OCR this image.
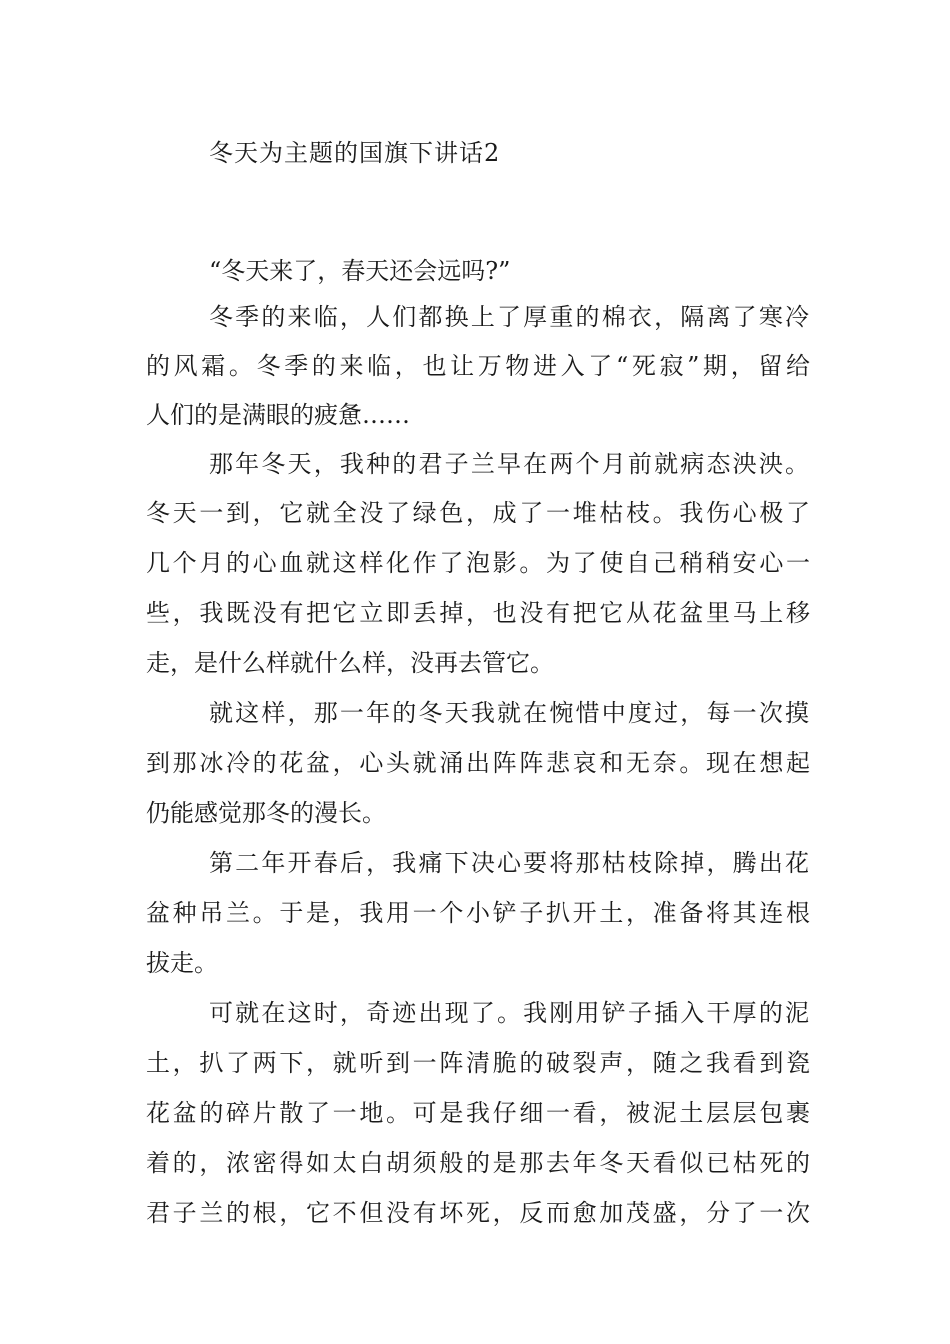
冬天为主题的国旗下讲话2
“冬天来了，春天还会远吗?”
冬季的来临，人们都换上了厚重的棉衣，隔离了寒冷
的风霜。冬季的来临，也让万物进入了“死寂”期，留给
人们的是满眼的疲惫……
那年冬天，我种的君子兰早在两个月前就病态泱泱。
冬天一到，它就全没了绿色，成了一堆枯枝。我伤心极了
几个月的心血就这样化作了泡影。为了使自己稍稍安心一
些，我既没有把它立即丢掉，也没有把它从花盆里马上移
走，是什么样就什么样，没再去管它。
就这样，那一年的冬天我就在惋惜中度过，每一次摸
到那冰冷的花盆，心头就涌出阵阵悲哀和无奈。现在想起
仍能感觉那冬的漫长。
第二年开春后，我痛下决心要将那枯枝除掉，腾出花
盆种吊兰。于是，我用一个小铲子扒开土，准备将其连根
拔走。
可就在这时，奇迹出现了。我刚用铲子插入干厚的泥
土，扒了两下，就听到一阵清脆的破裂声，随之我看到瓷
花盆的碎片散了一地。可是我仔细一看，被泥土层层包裹
着的，浓密得如太白胡须般的是那去年冬天看似已枯死的
君子兰的根，它不但没有坏死，反而愈加茂盛，分了一次
